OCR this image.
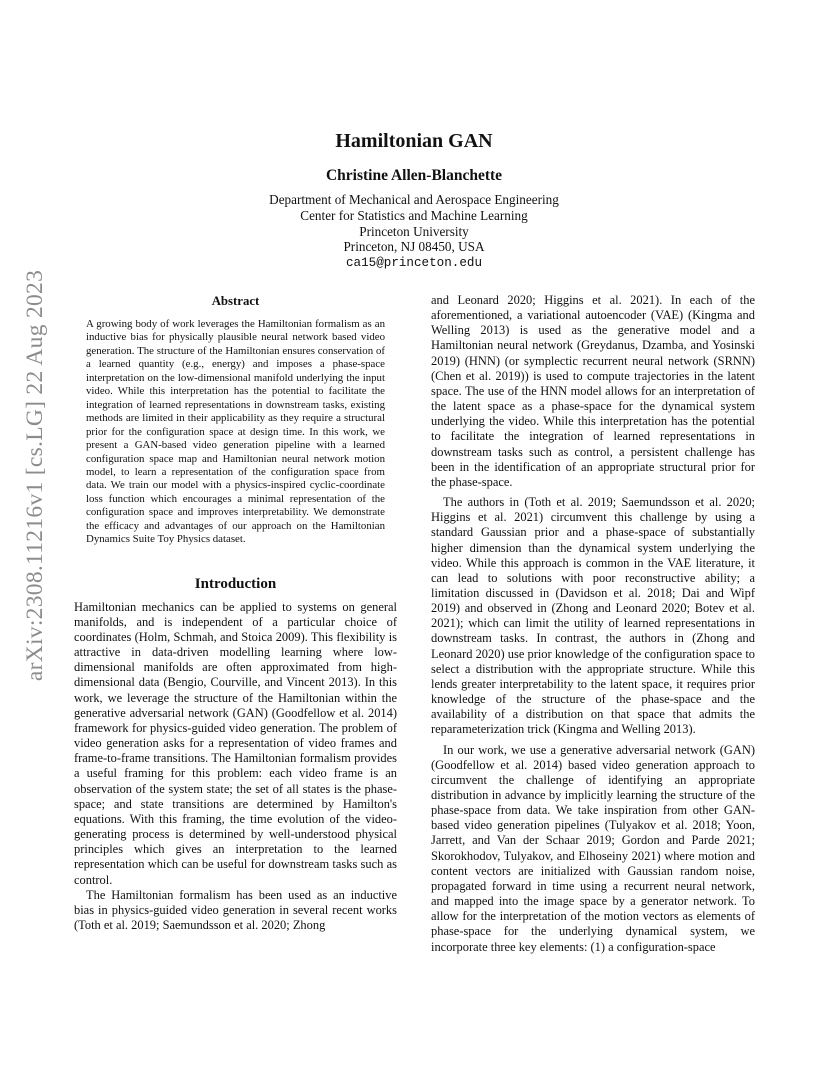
arXiv:2308.11216v1 [cs.LG] 22 Aug 2023
Hamiltonian GAN
Christine Allen-Blanchette
Department of Mechanical and Aerospace Engineering
Center for Statistics and Machine Learning
Princeton University
Princeton, NJ 08450, USA
ca15@princeton.edu
Abstract

A growing body of work leverages the Hamiltonian formalism as an inductive bias for physically plausible neural network based video generation. The structure of the Hamiltonian ensures conservation of a learned quantity (e.g., energy) and imposes a phase-space interpretation on the low-dimensional manifold underlying the input video. While this interpretation has the potential to facilitate the integration of learned representations in downstream tasks, existing methods are limited in their applicability as they require a structural prior for the configuration space at design time. In this work, we present a GAN-based video generation pipeline with a learned configuration space map and Hamiltonian neural network motion model, to learn a representation of the configuration space from data. We train our model with a physics-inspired cyclic-coordinate loss function which encourages a minimal representation of the configuration space and improves interpretability. We demonstrate the efficacy and advantages of our approach on the Hamiltonian Dynamics Suite Toy Physics dataset.

Introduction

Hamiltonian mechanics can be applied to systems on general manifolds, and is independent of a particular choice of coordinates (Holm, Schmah, and Stoica 2009). This flexibility is attractive in data-driven modelling learning where low-dimensional manifolds are often approximated from high-dimensional data (Bengio, Courville, and Vincent 2013). In this work, we leverage the structure of the Hamiltonian within the generative adversarial network (GAN) (Goodfellow et al. 2014) framework for physics-guided video generation. The problem of video generation asks for a representation of video frames and frame-to-frame transitions. The Hamiltonian formalism provides a useful framing for this problem: each video frame is an observation of the system state; the set of all states is the phase-space; and state transitions are determined by Hamilton's equations. With this framing, the time evolution of the video-generating process is determined by well-understood physical principles which gives an interpretation to the learned representation which can be useful for downstream tasks such as control.

The Hamiltonian formalism has been used as an inductive bias in physics-guided video generation in several recent works (Toth et al. 2019; Saemundsson et al. 2020; Zhong

and Leonard 2020; Higgins et al. 2021). In each of the aforementioned, a variational autoencoder (VAE) (Kingma and Welling 2013) is used as the generative model and a Hamiltonian neural network (Greydanus, Dzamba, and Yosinski 2019) (HNN) (or symplectic recurrent neural network (SRNN) (Chen et al. 2019)) is used to compute trajectories in the latent space. The use of the HNN model allows for an interpretation of the latent space as a phase-space for the dynamical system underlying the video. While this interpretation has the potential to facilitate the integration of learned representations in downstream tasks such as control, a persistent challenge has been in the identification of an appropriate structural prior for the phase-space.

The authors in (Toth et al. 2019; Saemundsson et al. 2020; Higgins et al. 2021) circumvent this challenge by using a standard Gaussian prior and a phase-space of substantially higher dimension than the dynamical system underlying the video. While this approach is common in the VAE literature, it can lead to solutions with poor reconstructive ability; a limitation discussed in (Davidson et al. 2018; Dai and Wipf 2019) and observed in (Zhong and Leonard 2020; Botev et al. 2021); which can limit the utility of learned representations in downstream tasks. In contrast, the authors in (Zhong and Leonard 2020) use prior knowledge of the configuration space to select a distribution with the appropriate structure. While this lends greater interpretability to the latent space, it requires prior knowledge of the structure of the phase-space and the availability of a distribution on that space that admits the reparameterization trick (Kingma and Welling 2013).

In our work, we use a generative adversarial network (GAN) (Goodfellow et al. 2014) based video generation approach to circumvent the challenge of identifying an appropriate distribution in advance by implicitly learning the structure of the phase-space from data. We take inspiration from other GAN-based video generation pipelines (Tulyakov et al. 2018; Yoon, Jarrett, and Van der Schaar 2019; Gordon and Parde 2021; Skorokhodov, Tulyakov, and Elhoseiny 2021) where motion and content vectors are initialized with Gaussian random noise, propagated forward in time using a recurrent neural network, and mapped into the image space by a generator network. To allow for the interpretation of the motion vectors as elements of phase-space for the underlying dynamical system, we incorporate three key elements: (1) a configuration-space
